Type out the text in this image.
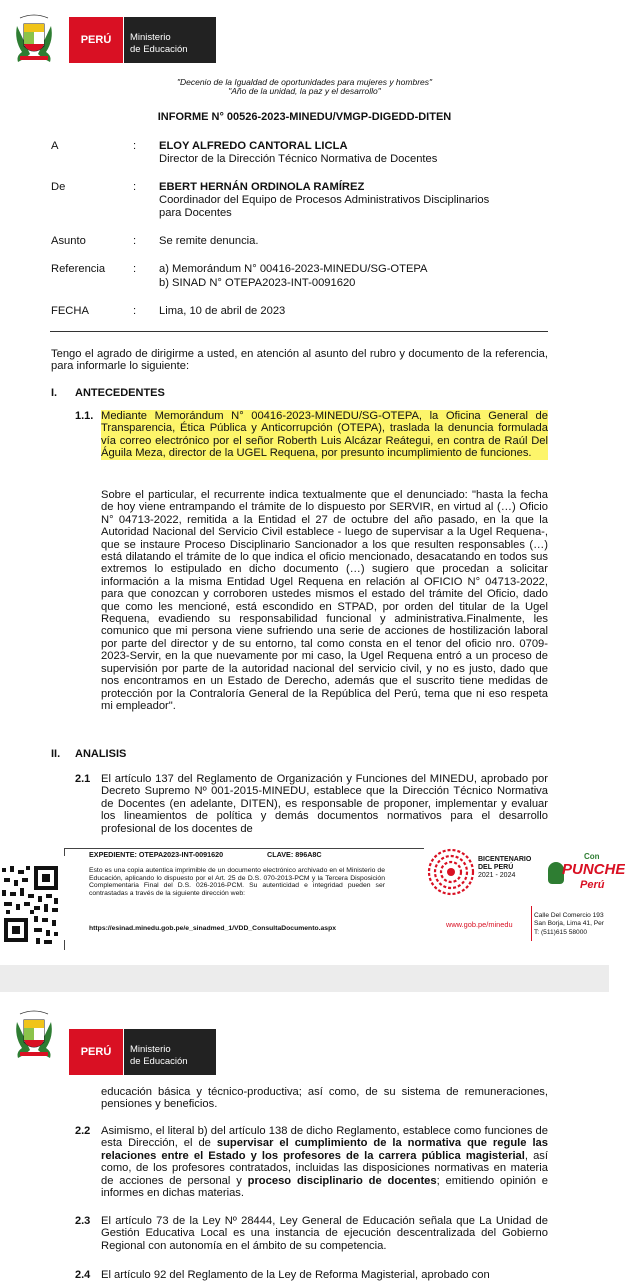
PERÚ	Ministerio
de Educación
"Decenio de la Igualdad de oportunidades para mujeres y hombres"
"Año de la unidad, la paz y el desarrollo"
INFORME N° 00526-2023-MINEDU/VMGP-DIGEDD-DITEN
A	: ELOY ALFREDO CANTORAL LICLA
Director de la Dirección Técnico Normativa de Docentes
De	: EBERT HERNÁN ORDINOLA RAMÍREZ
Coordinador del Equipo de Procesos Administrativos Disciplinarios
para Docentes
Asunto	: Se remite denuncia.
Referencia : a) Memorándum N° 00416-2023-MINEDU/SG-OTEPA
b) SINAD N° OTEPA2023-INT-0091620
FECHA	: Lima, 10 de abril de 2023
Tengo el agrado de dirigirme a usted, en atención al asunto del rubro y documento de la referencia, para informarle lo siguiente:
I. ANTECEDENTES
1.1. Mediante Memorándum N° 00416-2023-MINEDU/SG-OTEPA, la Oficina General de Transparencia, Ética Pública y Anticorrupción (OTEPA), traslada la denuncia formulada vía correo electrónico por el señor Roberth Luis Alcázar Reátegui, en contra de Raúl Del Águila Meza, director de la UGEL Requena, por presunto incumplimiento de funciones.
Sobre el particular, el recurrente indica textualmente que el denunciado: "hasta la fecha de hoy viene entrampando el trámite de lo dispuesto por SERVIR, en virtud al (…) Oficio N° 04713-2022, remitida a la Entidad el 27 de octubre del año pasado, en la que la Autoridad Nacional del Servicio Civil establece - luego de supervisar a la Ugel Requena-, que se instaure Proceso Disciplinario Sancionador a los que resulten responsables (…) está dilatando el trámite de lo que indica el oficio mencionado, desacatando en todos sus extremos lo estipulado en dicho documento (…) sugiero que procedan a solicitar información a la misma Entidad Ugel Requena en relación al OFICIO N° 04713-2022, para que conozcan y corroboren ustedes mismos el estado del trámite del Oficio, dado que como les mencioné, está escondido en STPAD, por orden del titular de la Ugel Requena, evadiendo su responsabilidad funcional y administrativa.Finalmente, les comunico que mi persona viene sufriendo una serie de acciones de hostilización laboral por parte del director y de su entorno, tal como consta en el tenor del oficio nro. 0709-2023-Servir, en la que nuevamente por mi caso, la Ugel Requena entró a un proceso de supervisión por parte de la autoridad nacional del servicio civil, y no es justo, dado que nos encontramos en un Estado de Derecho, además que el suscrito tiene medidas de protección por la Contraloría General de la República del Perú, tema que ni eso respeta mi empleador".
II. ANALISIS
2.1 El artículo 137 del Reglamento de Organización y Funciones del MINEDU, aprobado por Decreto Supremo Nº 001-2015-MINEDU, establece que la Dirección Técnico Normativa de Docentes (en adelante, DITEN), es responsable de proponer, implementar y evaluar los lineamientos de política y demás documentos normativos para el desarrollo profesional de los docentes de
EXPEDIENTE: OTEPA2023-INT-0091620	CLAVE: 896A8C
Esto es una copia autentica imprimible de un documento electrónico archivado en el Ministerio de Educación, aplicando lo dispuesto por el Art. 25 de D.S. 070-2013-PCM y la Tercera Disposición Complementaria Final del D.S. 026-2016-PCM. Su autenticidad e integridad pueden ser contrastadas a través de la siguiente dirección web:
https://esinad.minedu.gob.pe/e_sinadmed_1/VDD_ConsultaDocumento.aspx
BICENTENARIO
DEL PERÚ
2021 - 2024
Con
PUNCHE
Perú
www.gob.pe/minedu
Calle Del Comercio 193
San Borja, Lima 41, Per
T: (511)615 58000
PERÚ	Ministerio
de Educación
educación básica y técnico-productiva; así como, de su sistema de remuneraciones, pensiones y beneficios.
2.2 Asimismo, el literal b) del artículo 138 de dicho Reglamento, establece como funciones de esta Dirección, el de supervisar el cumplimiento de la normativa que regule las relaciones entre el Estado y los profesores de la carrera pública magisterial, así como, de los profesores contratados, incluidas las disposiciones normativas en materia de acciones de personal y proceso disciplinario de docentes; emitiendo opinión e informes en dichas materias.
2.3 El artículo 73 de la Ley Nº 28444, Ley General de Educación señala que La Unidad de Gestión Educativa Local es una instancia de ejecución descentralizada del Gobierno Regional con autonomía en el ámbito de su competencia.
2.4 El artículo 92 del Reglamento de la Ley de Reforma Magisterial, aprobado con
